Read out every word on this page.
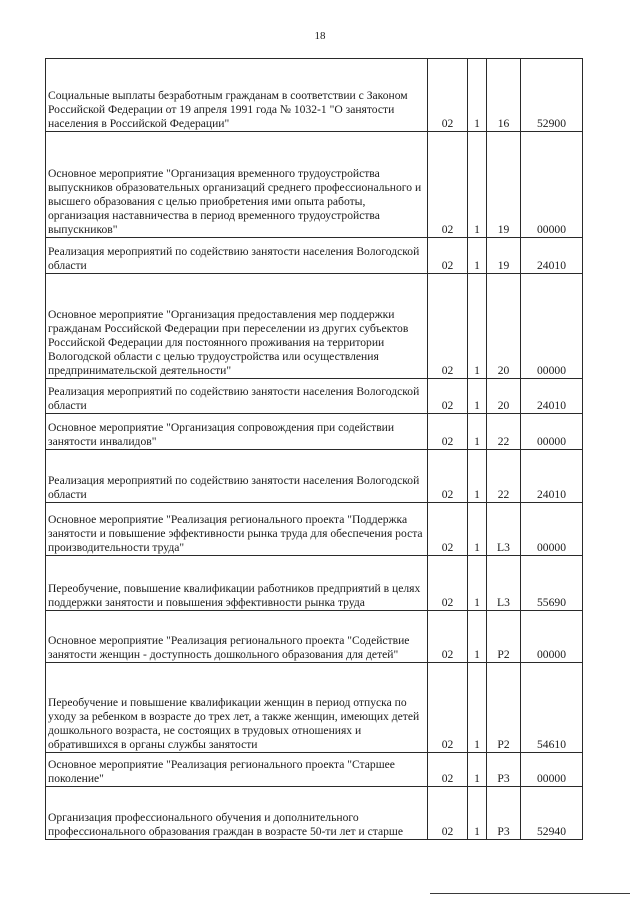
18
Социальные выплаты безработным гражданам в соответствии с Законом Российской Федерации от 19 апреля 1991 года № 1032-1 "О занятости населения в Российской Федерации"	02	1	16	52900
Основное мероприятие "Организация временного трудоустройства выпускников образовательных организаций среднего профессионального и высшего образования с целью приобретения ими опыта работы, организация наставничества в период временного трудоустройства выпускников"	02	1	19	00000
Реализация мероприятий по содействию занятости населения Вологодской области	02	1	19	24010
Основное мероприятие "Организация предоставления мер поддержки гражданам Российской Федерации при переселении из других субъектов Российской Федерации для постоянного проживания на территории Вологодской области с целью трудоустройства или осуществления предпринимательской деятельности"	02	1	20	00000
Реализация мероприятий по содействию занятости населения Вологодской области	02	1	20	24010
Основное мероприятие "Организация сопровождения при содействии занятости инвалидов"	02	1	22	00000
Реализация мероприятий по содействию занятости населения Вологодской области	02	1	22	24010
Основное мероприятие "Реализация регионального проекта "Поддержка занятости и повышение эффективности рынка труда для обеспечения роста производительности труда"	02	1	L3	00000
Переобучение, повышение квалификации работников предприятий в целях поддержки занятости и повышения эффективности рынка труда	02	1	L3	55690
Основное мероприятие "Реализация регионального проекта "Содействие занятости женщин - доступность дошкольного образования для детей"	02	1	P2	00000
Переобучение и повышение квалификации женщин в период отпуска по уходу за ребенком в возрасте до трех лет, а также женщин, имеющих детей дошкольного возраста, не состоящих в трудовых отношениях и обратившихся в органы службы занятости	02	1	P2	54610
Основное мероприятие "Реализация регионального проекта "Старшее поколение"	02	1	P3	00000
Организация профессионального обучения и дополнительного профессионального образования граждан в возрасте 50-ти лет и старше	02	1	P3	52940
